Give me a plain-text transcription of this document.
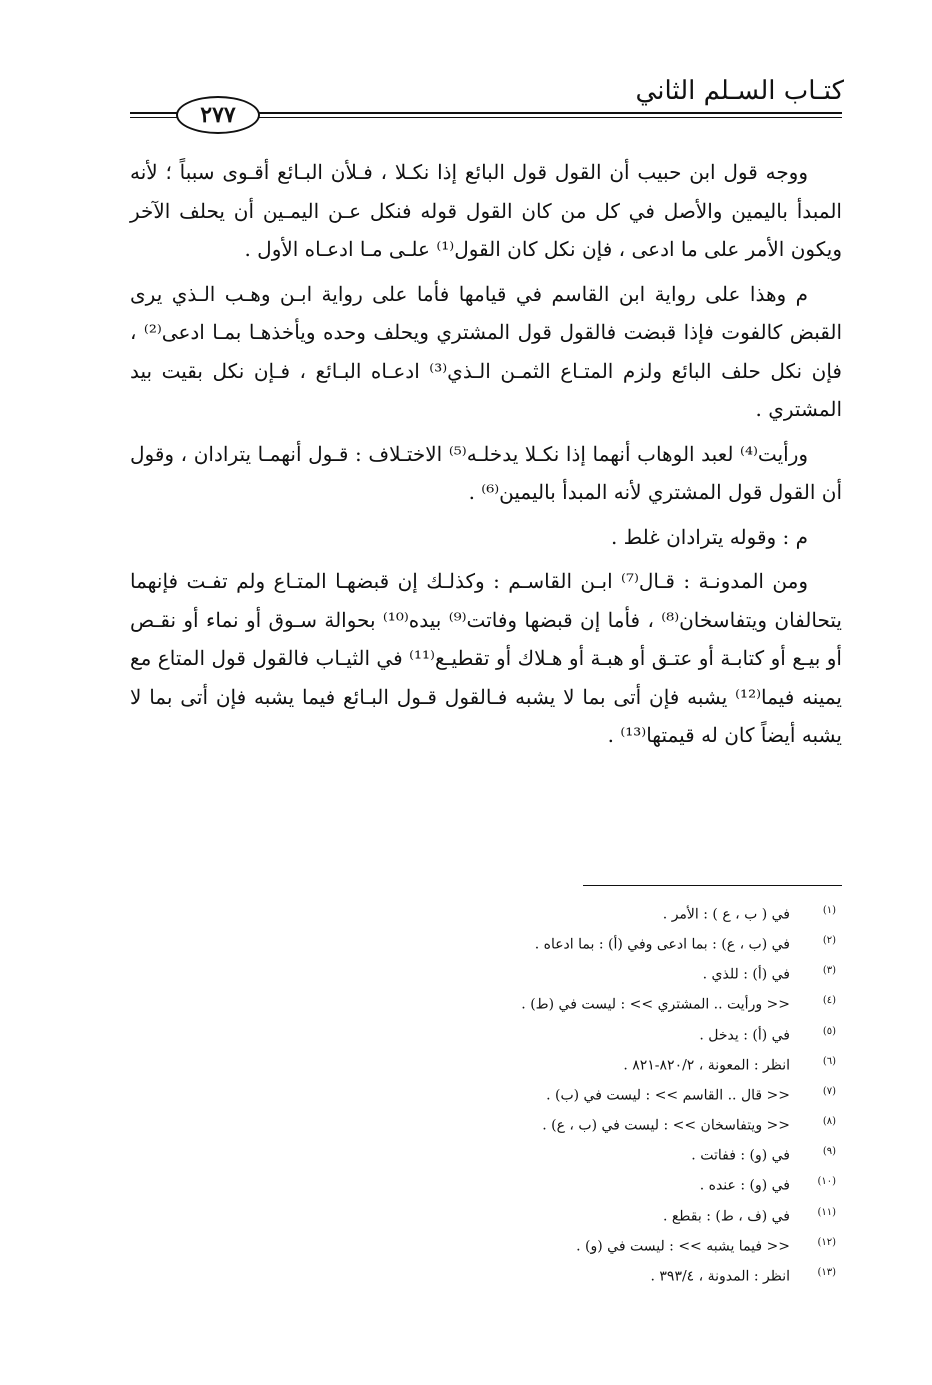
كتـاب السـلم الثاني
٢٧٧

ووجه قول ابن حبيب أن القول قول البائع إذا نكـلا ، فـلأن البـائع أقـوى سبباً ؛ لأنه المبدأ باليمين والأصل في كل من كان القول قوله فنكل عـن اليمـين أن يحلف الآخر ويكون الأمر على ما ادعى ، فإن نكل كان القول⁽¹⁾ علـى مـا ادعـاه الأول .

م وهذا على رواية ابن القاسم في قيامها فأما على رواية ابـن وهـب الـذي يرى القبض كالفوت فإذا قبضت فالقول قول المشتري ويحلف وحده ويأخذهـا بمـا ادعى⁽²⁾ ، فإن نكل حلف البائع ولزم المتـاع الثمـن الـذي⁽³⁾ ادعـاه البـائع ، فـإن نكل بقيت بيد المشتري .

ورأيت⁽⁴⁾ لعبد الوهاب أنهما إذا نكـلا يدخلـه⁽⁵⁾ الاختـلاف : قـول أنهمـا يترادان ، وقول أن القول قول المشتري لأنه المبدأ باليمين⁽⁶⁾ .

م : وقوله يترادان غلط .

ومن المدونـة : قـال⁽⁷⁾ ابـن القاسـم : وكذلـك إن قبضهـا المتـاع ولم تفـت فإنهما يتحالفان ويتفاسخان⁽⁸⁾ ، فأما إن قبضها وفاتت⁽⁹⁾ بيده⁽¹⁰⁾ بحوالة سـوق أو نماء أو نقـص أو بيـع أو كتابـة أو عتـق أو هبـة أو هـلاك أو تقطيـع⁽¹¹⁾ في الثيـاب فالقول قول المتاع مع يمينه فيما⁽¹²⁾ يشبه فإن أتى بما لا يشبه فـالقول قـول البـائع فيما يشبه فإن أتى بما لا يشبه أيضاً كان له قيمتها⁽¹³⁾ .

(١)في ( ب ، ع ) : الأمر .
(٢)في (ب ، ع) : بما ادعى وفي (أ) : بما ادعاه .
(٣)في (أ) : للذي .
(٤)<< ورأيت .. المشتري >> : ليست في (ط) .
(٥)في (أ) : يدخل .
(٦)انظر : المعونة ، ٨٢٠/٢-٨٢١ .
(٧)<< قال .. القاسم >> : ليست في (ب) .
(٨)<< ويتفاسخان >> : ليست في (ب ، ع) .
(٩)في (و) : ففاتت .
(١٠)في (و) : عنده .
(١١)في (ف ، ط) : بقطع .
(١٢)<< فيما يشبه >> : ليست في (و) .
(١٣)انظر : المدونة ، ٣٩٣/٤ .
